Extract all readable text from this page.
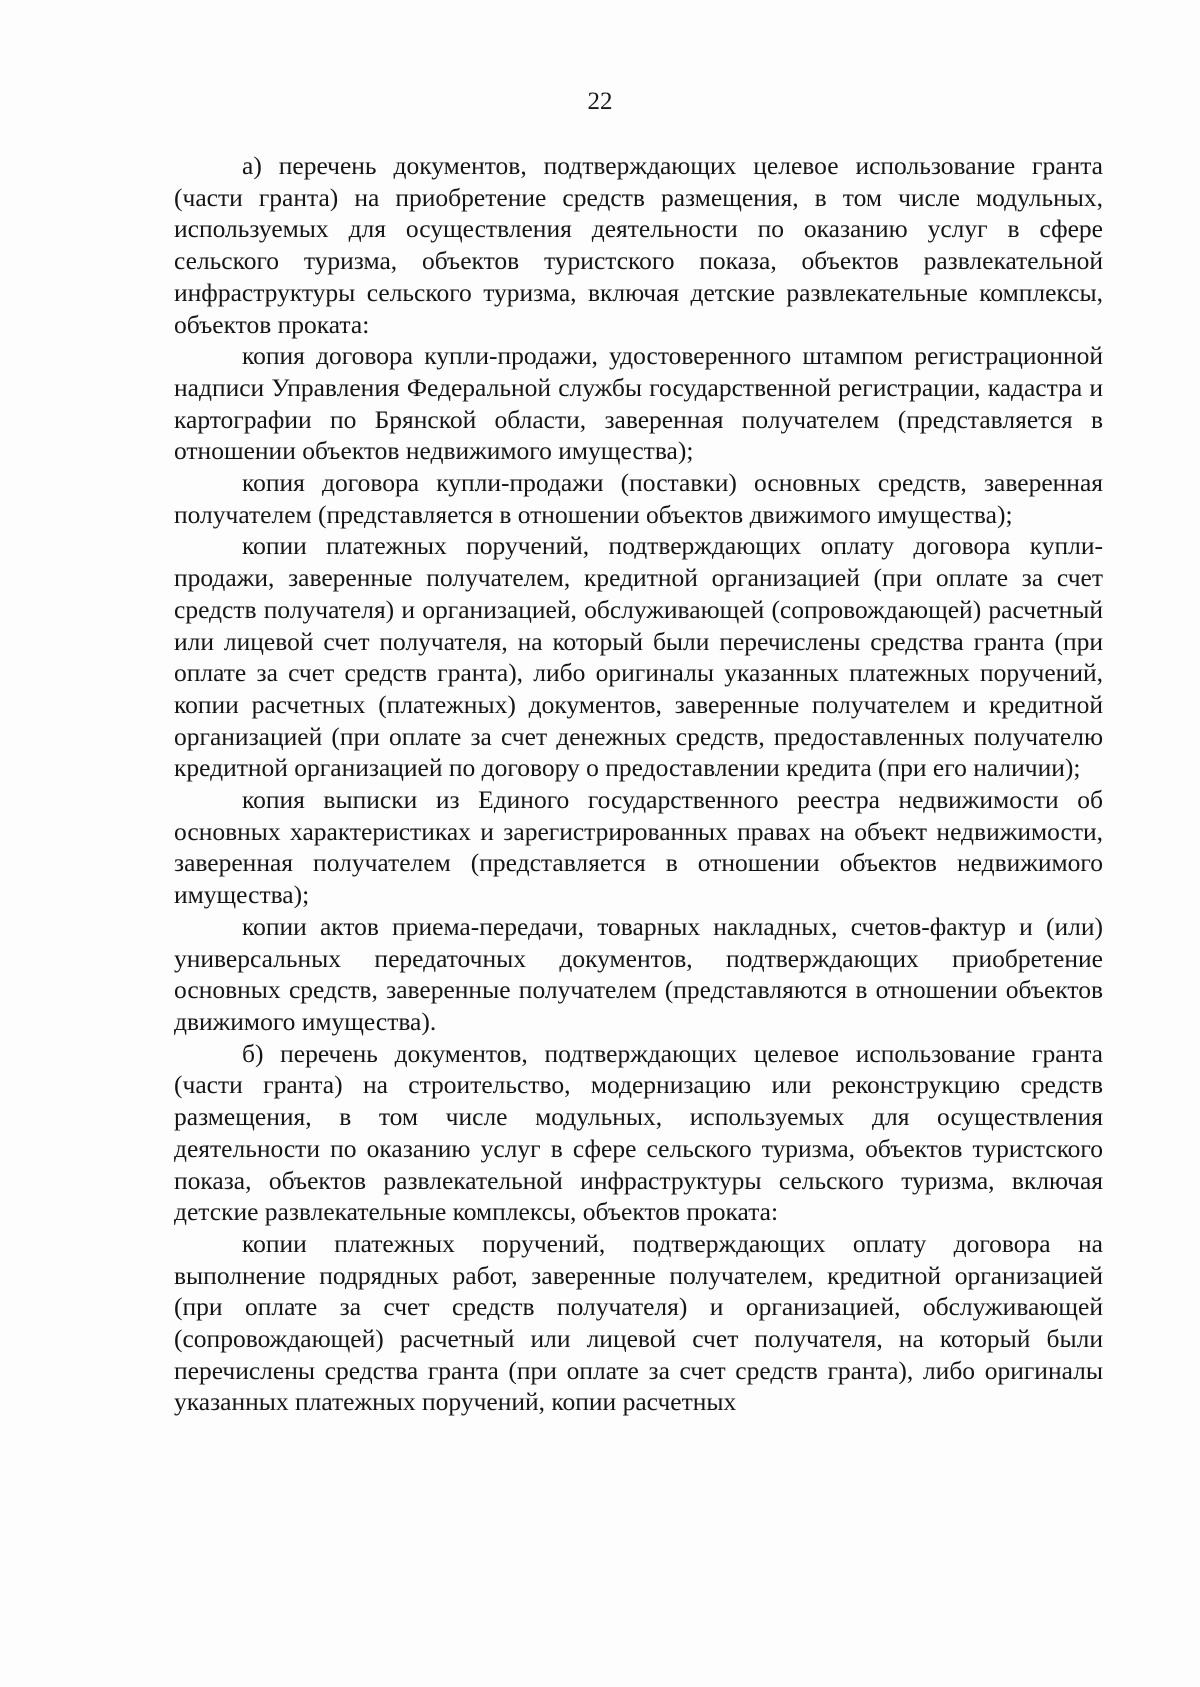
22

а) перечень документов, подтверждающих целевое использование гранта (части гранта) на приобретение средств размещения, в том числе модульных, используемых для осуществления деятельности по оказанию услуг в сфере сельского туризма, объектов туристского показа, объектов развлекательной инфраструктуры сельского туризма, включая детские развлекательные комплексы, объектов проката:

копия договора купли-продажи, удостоверенного штампом регистрационной надписи Управления Федеральной службы государственной регистрации, кадастра и картографии по Брянской области, заверенная получателем (представляется в отношении объектов недвижимого имущества);

копия договора купли-продажи (поставки) основных средств, заверенная получателем (представляется в отношении объектов движимого имущества);

копии платежных поручений, подтверждающих оплату договора купли-продажи, заверенные получателем, кредитной организацией (при оплате за счет средств получателя) и организацией, обслуживающей (сопровождающей) расчетный или лицевой счет получателя, на который были перечислены средства гранта (при оплате за счет средств гранта), либо оригиналы указанных платежных поручений, копии расчетных (платежных) документов, заверенные получателем и кредитной организацией (при оплате за счет денежных средств, предоставленных получателю кредитной организацией по договору о предоставлении кредита (при его наличии);

копия выписки из Единого государственного реестра недвижимости об основных характеристиках и зарегистрированных правах на объект недвижимости, заверенная получателем (представляется в отношении объектов недвижимого имущества);

копии актов приема-передачи, товарных накладных, счетов-фактур и (или) универсальных передаточных документов, подтверждающих приобретение основных средств, заверенные получателем (представляются в отношении объектов движимого имущества).

б) перечень документов, подтверждающих целевое использование гранта (части гранта) на строительство, модернизацию или реконструкцию средств размещения, в том числе модульных, используемых для осуществления деятельности по оказанию услуг в сфере сельского туризма, объектов туристского показа, объектов развлекательной инфраструктуры сельского туризма, включая детские развлекательные комплексы, объектов проката:

копии платежных поручений, подтверждающих оплату договора на выполнение подрядных работ, заверенные получателем, кредитной организацией (при оплате за счет средств получателя) и организацией, обслуживающей (сопровождающей) расчетный или лицевой счет получателя, на который были перечислены средства гранта (при оплате за счет средств гранта), либо оригиналы указанных платежных поручений, копии расчетных
